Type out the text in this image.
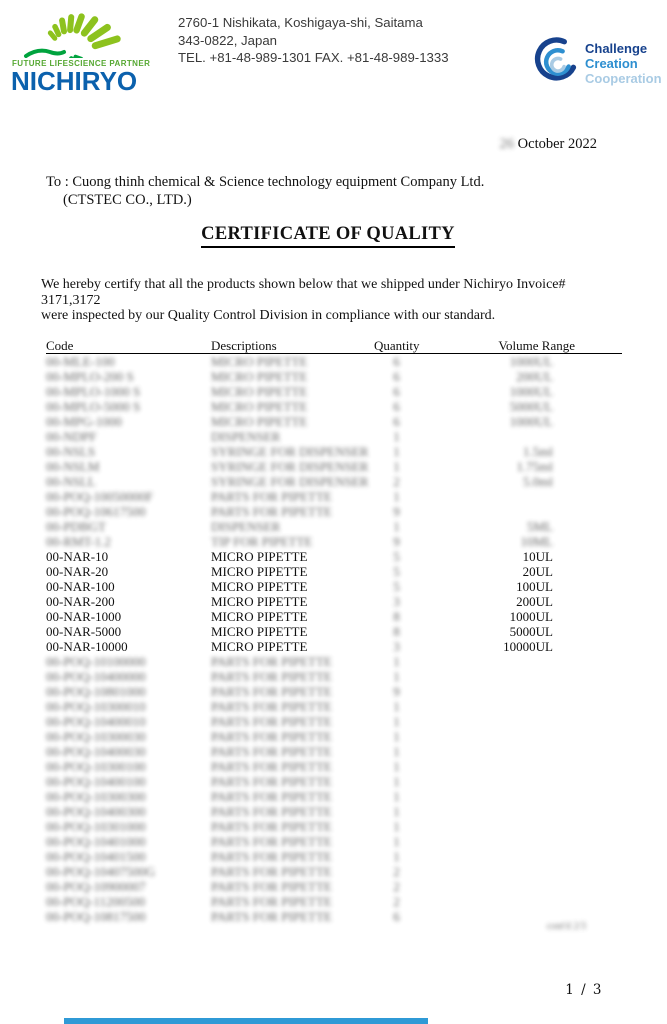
FUTURE LIFESCIENCE PARTNER
NICHIRYO
2760-1 Nishikata, Koshigaya-shi, Saitama
343-0822, Japan
TEL. +81-48-989-1301 FAX. +81-48-989-1333
Challenge
Creation
Cooperation
26 October 2022
To : Cuong thinh chemical & Science technology equipment Company Ltd.
(CTSTEC CO., LTD.)
CERTIFICATE OF QUALITY
We hereby certify that all the products shown below that we shipped under Nichiryo Invoice# 3171,3172
were inspected by our Quality Control Division in compliance with our standard.
Code	Descriptions	Quantity	Volume Range
00-MLE-100	MICRO PIPETTE	6	1000UL
00-MPLO-200 S	MICRO PIPETTE	6	200UL
00-MPLO-1000 S	MICRO PIPETTE	6	1000UL
00-MPLO-5000 S	MICRO PIPETTE	6	5000UL
00-MPG-1000	MICRO PIPETTE	6	1000UL
00-NDPF	DISPENSER	1
00-NSLS	SYRINGE FOR DISPENSER	1	1.5ml
00-NSLM	SYRINGE FOR DISPENSER	1	1.75ml
00-NSLL	SYRINGE FOR DISPENSER	2	5.0ml
00-POQ-10050000F	PARTS FOR PIPETTE	1
00-POQ-10617500	PARTS FOR PIPETTE	9
00-PDBGT	DISPENSER	1	5ML
00-RMT-1.2	TIP FOR PIPETTE	9	10ML
00-NAR-10	MICRO PIPETTE	5	10UL
00-NAR-20	MICRO PIPETTE	5	20UL
00-NAR-100	MICRO PIPETTE	5	100UL
00-NAR-200	MICRO PIPETTE	3	200UL
00-NAR-1000	MICRO PIPETTE	8	1000UL
00-NAR-5000	MICRO PIPETTE	8	5000UL
00-NAR-10000	MICRO PIPETTE	3	10000UL
00-POQ-10100000	PARTS FOR PIPETTE	1
00-POQ-10400000	PARTS FOR PIPETTE	1
00-POQ-10801000	PARTS FOR PIPETTE	9
00-POQ-10300010	PARTS FOR PIPETTE	1
00-POQ-10400010	PARTS FOR PIPETTE	1
00-POQ-10300030	PARTS FOR PIPETTE	1
00-POQ-10400030	PARTS FOR PIPETTE	1
00-POQ-10300100	PARTS FOR PIPETTE	1
00-POQ-10400100	PARTS FOR PIPETTE	1
00-POQ-10300300	PARTS FOR PIPETTE	1
00-POQ-10400300	PARTS FOR PIPETTE	1
00-POQ-10301000	PARTS FOR PIPETTE	1
00-POQ-10401000	PARTS FOR PIPETTE	1
00-POQ-10401500	PARTS FOR PIPETTE	1
00-POQ-10407500G	PARTS FOR PIPETTE	2
00-POQ-10900007	PARTS FOR PIPETTE	2
00-POQ-11200500	PARTS FOR PIPETTE	2
00-POQ-10817500	PARTS FOR PIPETTE	6
cont'd 2/3
1 / 3
